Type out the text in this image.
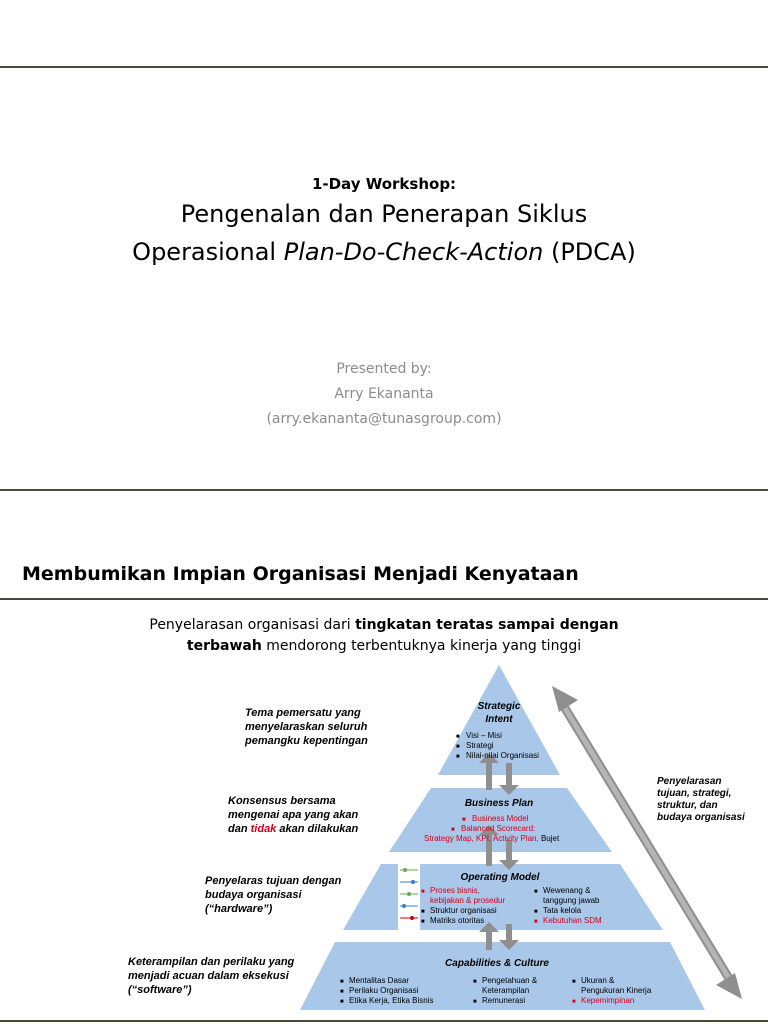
1-Day Workshop:
Pengenalan dan Penerapan Siklus
Operasional Plan-Do-Check-Action (PDCA)
Presented by:
Arry Ekananta
(arry.ekananta@tunasgroup.com)
Membumikan Impian Organisasi Menjadi Kenyataan
Penyelarasan organisasi dari tingkatan teratas sampai dengan
terbawah mendorong terbentuknya kinerja yang tinggi
Tema pemersatu yang
menyelaraskan seluruh
pemangku kepentingan
Konsensus bersama
mengenai apa yang akan
dan tidak akan dilakukan
Penyelaras tujuan dengan
budaya organisasi
(“hardware”)
Keterampilan dan perilaku yang
menjadi acuan dalam eksekusi
(“software”)
Penyelarasan
tujuan, strategi,
struktur, dan
budaya organisasi
Strategic
Intent
■ Visi – Misi
■ Strategi
■ Nilai-nilai Organisasi
Business Plan
■ Business Model
■ Balanced Scorecard:
Strategy Map, KPI, Activity Plan, Bujet
Operating Model
■ Proses bisnis,
kebijakan & prosedur
■ Struktur organisasi
■ Matriks otoritas
■ Wewenang &
tanggung jawab
■ Tata kelola
■ Kebutuhan SDM
Capabilities & Culture
■ Mentalitas Dasar
■ Perilaku Organisasi
■ Etika Kerja, Etika Bisnis
■ Pengetahuan &
Keterampilan
■ Remunerasi
■ Ukuran &
Pengukuran Kinerja
■ Kepemimpinan
